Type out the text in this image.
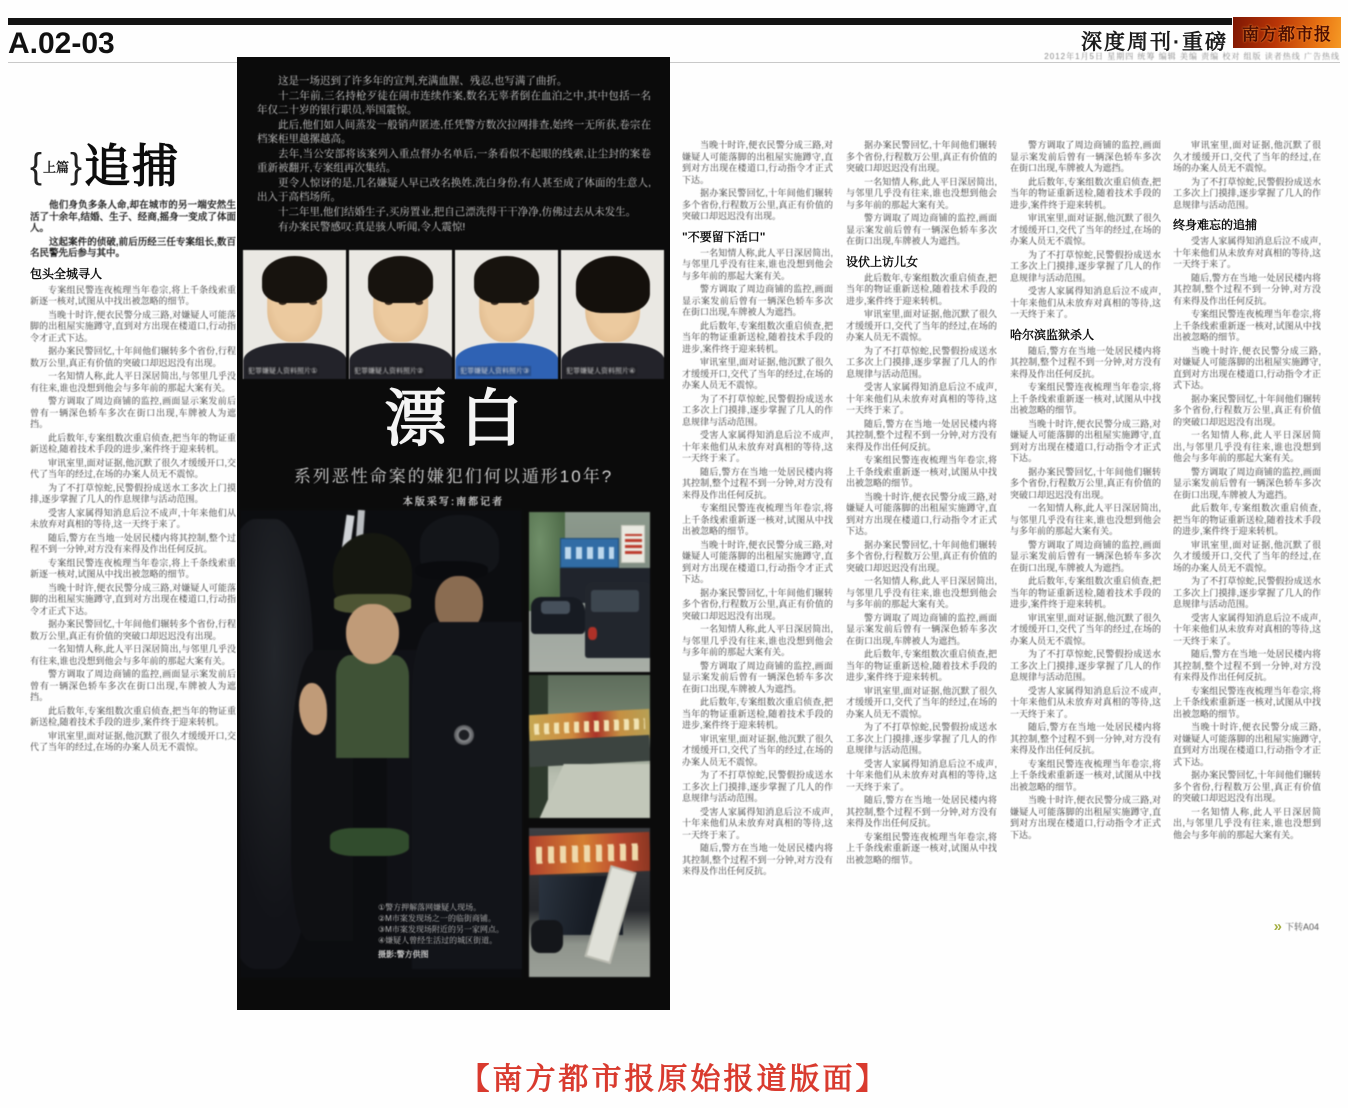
A.02-03	深度周刊·重磅 南方都市报
2012年1月5日 星期四 统筹 编辑 美编 责编 校对 组版 读者热线 广告热线
{ 上篇 } 追捕

他们身负多条人命,却在城市的另一端安然生活了十余年,结婚、生子、经商,摇身一变成了体面人。

这起案件的侦破,前后历经三任专案组长,数百名民警先后参与其中。

包头全城寻人

专案组民警连夜梳理当年卷宗,将上千条线索重新逐一核对,试图从中找出被忽略的细节。

当晚十时许,便衣民警分成三路,对嫌疑人可能落脚的出租屋实施蹲守,直到对方出现在楼道口,行动指令才正式下达。

据办案民警回忆,十年间他们辗转多个省份,行程数万公里,真正有价值的突破口却迟迟没有出现。

一名知情人称,此人平日深居简出,与邻里几乎没有往来,谁也没想到他会与多年前的那起大案有关。

警方调取了周边商铺的监控,画面显示案发前后曾有一辆深色轿车多次在街口出现,车牌被人为遮挡。

此后数年,专案组数次重启侦查,把当年的物证重新送检,随着技术手段的进步,案件终于迎来转机。

审讯室里,面对证据,他沉默了很久才缓缓开口,交代了当年的经过,在场的办案人员无不震惊。

为了不打草惊蛇,民警假扮成送水工多次上门摸排,逐步掌握了几人的作息规律与活动范围。

受害人家属得知消息后泣不成声,十年来他们从未放弃对真相的等待,这一天终于来了。

随后,警方在当地一处居民楼内将其控制,整个过程不到一分钟,对方没有来得及作出任何反抗。

专案组民警连夜梳理当年卷宗,将上千条线索重新逐一核对,试图从中找出被忽略的细节。

当晚十时许,便衣民警分成三路,对嫌疑人可能落脚的出租屋实施蹲守,直到对方出现在楼道口,行动指令才正式下达。

据办案民警回忆,十年间他们辗转多个省份,行程数万公里,真正有价值的突破口却迟迟没有出现。

一名知情人称,此人平日深居简出,与邻里几乎没有往来,谁也没想到他会与多年前的那起大案有关。

警方调取了周边商铺的监控,画面显示案发前后曾有一辆深色轿车多次在街口出现,车牌被人为遮挡。

此后数年,专案组数次重启侦查,把当年的物证重新送检,随着技术手段的进步,案件终于迎来转机。

审讯室里,面对证据,他沉默了很久才缓缓开口,交代了当年的经过,在场的办案人员无不震惊。

这是一场迟到了许多年的宣判,充满血腥、残忍,也写满了曲折。

十二年前,三名持枪歹徒在闹市连续作案,数名无辜者倒在血泊之中,其中包括一名年仅二十岁的银行职员,举国震惊。

此后,他们如人间蒸发一般销声匿迹,任凭警方数次拉网排查,始终一无所获,卷宗在档案柜里越摞越高。

去年,当公安部将该案列入重点督办名单后,一条看似不起眼的线索,让尘封的案卷重新被翻开,专案组再次集结。

更令人惊讶的是,几名嫌疑人早已改名换姓,洗白身份,有人甚至成了体面的生意人,出入于高档场所。

十二年里,他们结婚生子,买房置业,把自己漂洗得干干净净,仿佛过去从未发生。

有办案民警感叹:真是骇人听闻,令人震惊!

犯罪嫌疑人资料照片①	犯罪嫌疑人资料照片②	犯罪嫌疑人资料照片③	犯罪嫌疑人资料照片④
漂白
系列恶性命案的嫌犯们何以遁形10年?
本版采写:南都记者

①警方押解落网嫌疑人现场。

②M市案发现场之一的临街商铺。

③M市案发现场附近的另一家网点。

④嫌疑人曾经生活过的城区街道。

摄影:警方供图

当晚十时许,便衣民警分成三路,对嫌疑人可能落脚的出租屋实施蹲守,直到对方出现在楼道口,行动指令才正式下达。

据办案民警回忆,十年间他们辗转多个省份,行程数万公里,真正有价值的突破口却迟迟没有出现。

"不要留下活口"

一名知情人称,此人平日深居简出,与邻里几乎没有往来,谁也没想到他会与多年前的那起大案有关。

警方调取了周边商铺的监控,画面显示案发前后曾有一辆深色轿车多次在街口出现,车牌被人为遮挡。

此后数年,专案组数次重启侦查,把当年的物证重新送检,随着技术手段的进步,案件终于迎来转机。

审讯室里,面对证据,他沉默了很久才缓缓开口,交代了当年的经过,在场的办案人员无不震惊。

为了不打草惊蛇,民警假扮成送水工多次上门摸排,逐步掌握了几人的作息规律与活动范围。

受害人家属得知消息后泣不成声,十年来他们从未放弃对真相的等待,这一天终于来了。

随后,警方在当地一处居民楼内将其控制,整个过程不到一分钟,对方没有来得及作出任何反抗。

专案组民警连夜梳理当年卷宗,将上千条线索重新逐一核对,试图从中找出被忽略的细节。

当晚十时许,便衣民警分成三路,对嫌疑人可能落脚的出租屋实施蹲守,直到对方出现在楼道口,行动指令才正式下达。

据办案民警回忆,十年间他们辗转多个省份,行程数万公里,真正有价值的突破口却迟迟没有出现。

一名知情人称,此人平日深居简出,与邻里几乎没有往来,谁也没想到他会与多年前的那起大案有关。

警方调取了周边商铺的监控,画面显示案发前后曾有一辆深色轿车多次在街口出现,车牌被人为遮挡。

此后数年,专案组数次重启侦查,把当年的物证重新送检,随着技术手段的进步,案件终于迎来转机。

审讯室里,面对证据,他沉默了很久才缓缓开口,交代了当年的经过,在场的办案人员无不震惊。

为了不打草惊蛇,民警假扮成送水工多次上门摸排,逐步掌握了几人的作息规律与活动范围。

受害人家属得知消息后泣不成声,十年来他们从未放弃对真相的等待,这一天终于来了。

随后,警方在当地一处居民楼内将其控制,整个过程不到一分钟,对方没有来得及作出任何反抗。

据办案民警回忆,十年间他们辗转多个省份,行程数万公里,真正有价值的突破口却迟迟没有出现。

一名知情人称,此人平日深居简出,与邻里几乎没有往来,谁也没想到他会与多年前的那起大案有关。

警方调取了周边商铺的监控,画面显示案发前后曾有一辆深色轿车多次在街口出现,车牌被人为遮挡。

设伏上访儿女

此后数年,专案组数次重启侦查,把当年的物证重新送检,随着技术手段的进步,案件终于迎来转机。

审讯室里,面对证据,他沉默了很久才缓缓开口,交代了当年的经过,在场的办案人员无不震惊。

为了不打草惊蛇,民警假扮成送水工多次上门摸排,逐步掌握了几人的作息规律与活动范围。

受害人家属得知消息后泣不成声,十年来他们从未放弃对真相的等待,这一天终于来了。

随后,警方在当地一处居民楼内将其控制,整个过程不到一分钟,对方没有来得及作出任何反抗。

专案组民警连夜梳理当年卷宗,将上千条线索重新逐一核对,试图从中找出被忽略的细节。

当晚十时许,便衣民警分成三路,对嫌疑人可能落脚的出租屋实施蹲守,直到对方出现在楼道口,行动指令才正式下达。

据办案民警回忆,十年间他们辗转多个省份,行程数万公里,真正有价值的突破口却迟迟没有出现。

一名知情人称,此人平日深居简出,与邻里几乎没有往来,谁也没想到他会与多年前的那起大案有关。

警方调取了周边商铺的监控,画面显示案发前后曾有一辆深色轿车多次在街口出现,车牌被人为遮挡。

此后数年,专案组数次重启侦查,把当年的物证重新送检,随着技术手段的进步,案件终于迎来转机。

审讯室里,面对证据,他沉默了很久才缓缓开口,交代了当年的经过,在场的办案人员无不震惊。

为了不打草惊蛇,民警假扮成送水工多次上门摸排,逐步掌握了几人的作息规律与活动范围。

受害人家属得知消息后泣不成声,十年来他们从未放弃对真相的等待,这一天终于来了。

随后,警方在当地一处居民楼内将其控制,整个过程不到一分钟,对方没有来得及作出任何反抗。

专案组民警连夜梳理当年卷宗,将上千条线索重新逐一核对,试图从中找出被忽略的细节。

警方调取了周边商铺的监控,画面显示案发前后曾有一辆深色轿车多次在街口出现,车牌被人为遮挡。

此后数年,专案组数次重启侦查,把当年的物证重新送检,随着技术手段的进步,案件终于迎来转机。

审讯室里,面对证据,他沉默了很久才缓缓开口,交代了当年的经过,在场的办案人员无不震惊。

为了不打草惊蛇,民警假扮成送水工多次上门摸排,逐步掌握了几人的作息规律与活动范围。

受害人家属得知消息后泣不成声,十年来他们从未放弃对真相的等待,这一天终于来了。

哈尔滨监狱杀人

随后,警方在当地一处居民楼内将其控制,整个过程不到一分钟,对方没有来得及作出任何反抗。

专案组民警连夜梳理当年卷宗,将上千条线索重新逐一核对,试图从中找出被忽略的细节。

当晚十时许,便衣民警分成三路,对嫌疑人可能落脚的出租屋实施蹲守,直到对方出现在楼道口,行动指令才正式下达。

据办案民警回忆,十年间他们辗转多个省份,行程数万公里,真正有价值的突破口却迟迟没有出现。

一名知情人称,此人平日深居简出,与邻里几乎没有往来,谁也没想到他会与多年前的那起大案有关。

警方调取了周边商铺的监控,画面显示案发前后曾有一辆深色轿车多次在街口出现,车牌被人为遮挡。

此后数年,专案组数次重启侦查,把当年的物证重新送检,随着技术手段的进步,案件终于迎来转机。

审讯室里,面对证据,他沉默了很久才缓缓开口,交代了当年的经过,在场的办案人员无不震惊。

为了不打草惊蛇,民警假扮成送水工多次上门摸排,逐步掌握了几人的作息规律与活动范围。

受害人家属得知消息后泣不成声,十年来他们从未放弃对真相的等待,这一天终于来了。

随后,警方在当地一处居民楼内将其控制,整个过程不到一分钟,对方没有来得及作出任何反抗。

专案组民警连夜梳理当年卷宗,将上千条线索重新逐一核对,试图从中找出被忽略的细节。

当晚十时许,便衣民警分成三路,对嫌疑人可能落脚的出租屋实施蹲守,直到对方出现在楼道口,行动指令才正式下达。

审讯室里,面对证据,他沉默了很久才缓缓开口,交代了当年的经过,在场的办案人员无不震惊。

为了不打草惊蛇,民警假扮成送水工多次上门摸排,逐步掌握了几人的作息规律与活动范围。

终身难忘的追捕

受害人家属得知消息后泣不成声,十年来他们从未放弃对真相的等待,这一天终于来了。

随后,警方在当地一处居民楼内将其控制,整个过程不到一分钟,对方没有来得及作出任何反抗。

专案组民警连夜梳理当年卷宗,将上千条线索重新逐一核对,试图从中找出被忽略的细节。

当晚十时许,便衣民警分成三路,对嫌疑人可能落脚的出租屋实施蹲守,直到对方出现在楼道口,行动指令才正式下达。

据办案民警回忆,十年间他们辗转多个省份,行程数万公里,真正有价值的突破口却迟迟没有出现。

一名知情人称,此人平日深居简出,与邻里几乎没有往来,谁也没想到他会与多年前的那起大案有关。

警方调取了周边商铺的监控,画面显示案发前后曾有一辆深色轿车多次在街口出现,车牌被人为遮挡。

此后数年,专案组数次重启侦查,把当年的物证重新送检,随着技术手段的进步,案件终于迎来转机。

审讯室里,面对证据,他沉默了很久才缓缓开口,交代了当年的经过,在场的办案人员无不震惊。

为了不打草惊蛇,民警假扮成送水工多次上门摸排,逐步掌握了几人的作息规律与活动范围。

受害人家属得知消息后泣不成声,十年来他们从未放弃对真相的等待,这一天终于来了。

随后,警方在当地一处居民楼内将其控制,整个过程不到一分钟,对方没有来得及作出任何反抗。

专案组民警连夜梳理当年卷宗,将上千条线索重新逐一核对,试图从中找出被忽略的细节。

当晚十时许,便衣民警分成三路,对嫌疑人可能落脚的出租屋实施蹲守,直到对方出现在楼道口,行动指令才正式下达。

据办案民警回忆,十年间他们辗转多个省份,行程数万公里,真正有价值的突破口却迟迟没有出现。

一名知情人称,此人平日深居简出,与邻里几乎没有往来,谁也没想到他会与多年前的那起大案有关。

» 下转A04
【南方都市报原始报道版面】
